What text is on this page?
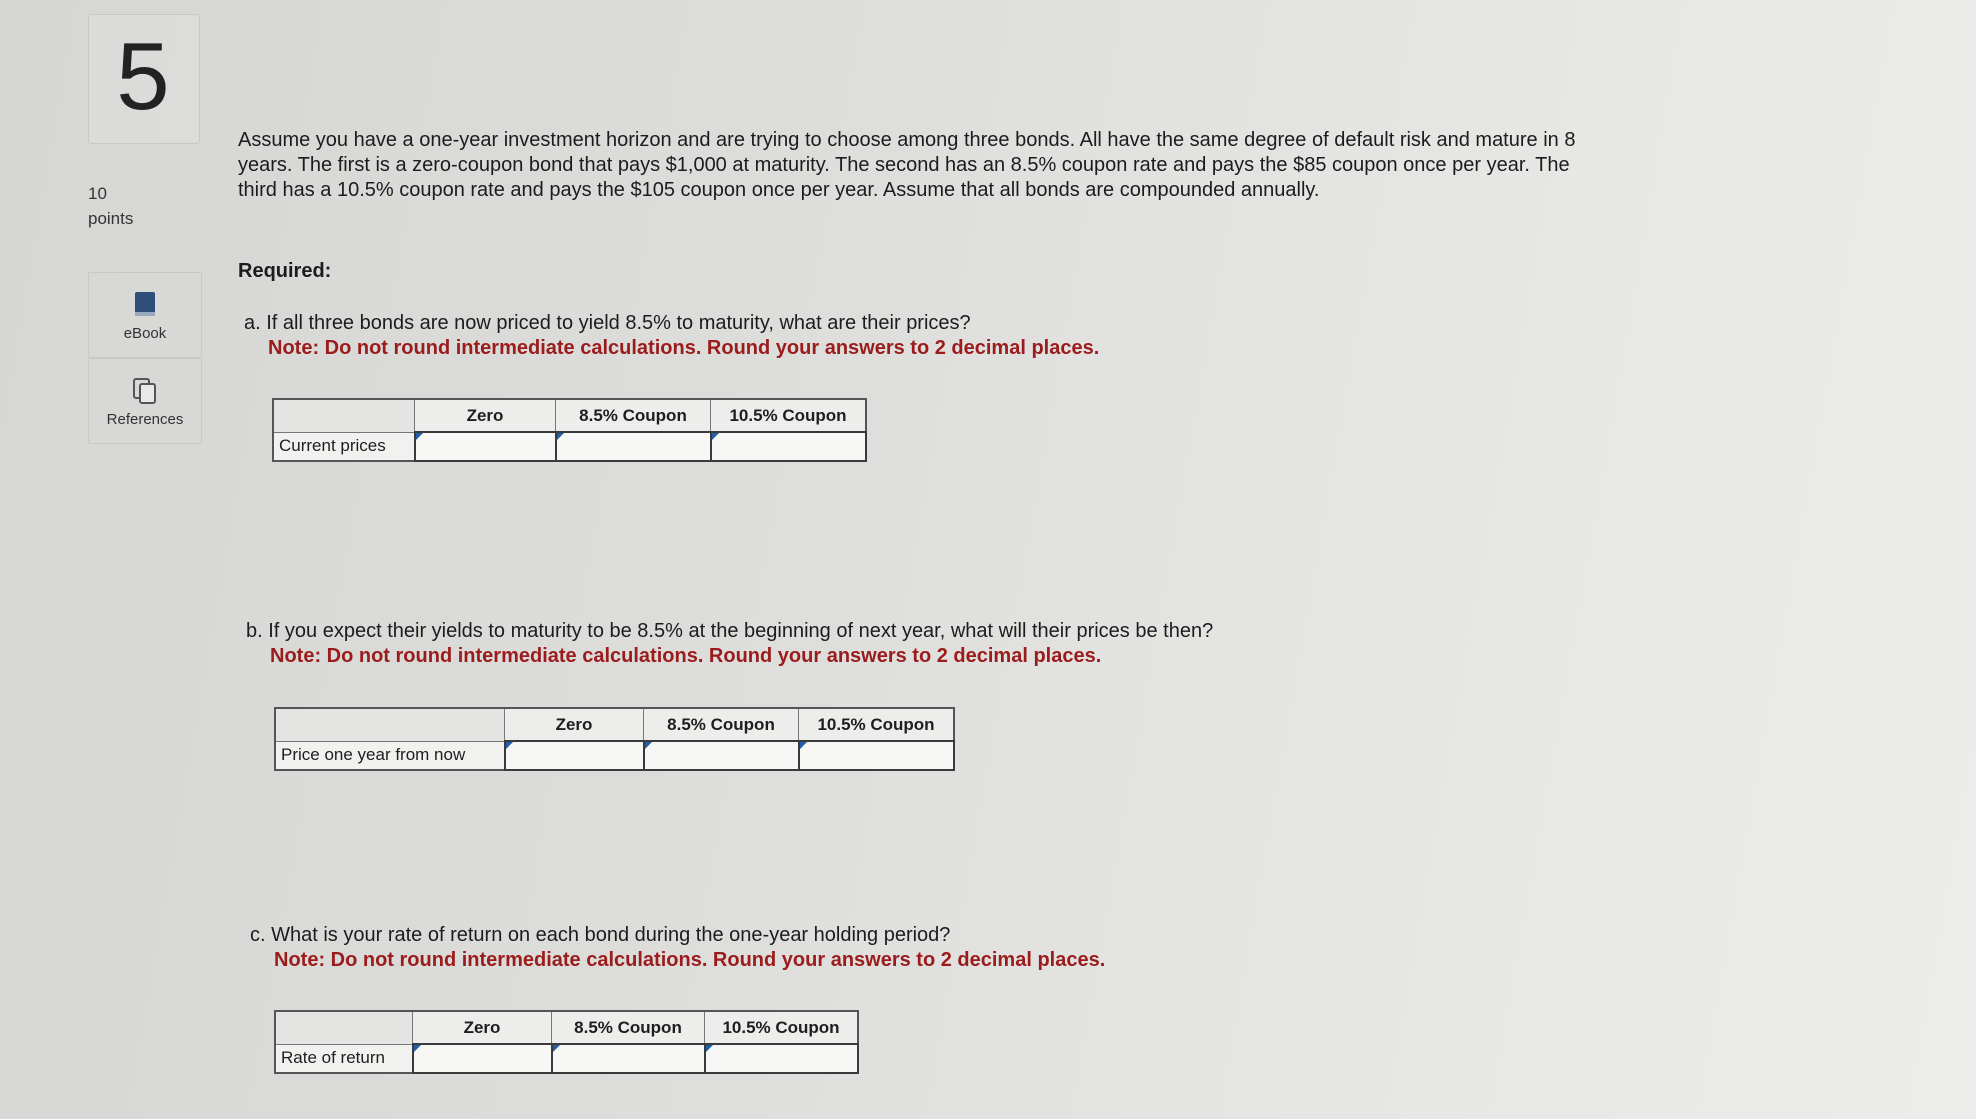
5
10
points
eBook
References
Assume you have a one-year investment horizon and are trying to choose among three bonds. All have the same degree of default risk and mature in 8 years. The first is a zero-coupon bond that pays $1,000 at maturity. The second has an 8.5% coupon rate and pays the $85 coupon once per year. The third has a 10.5% coupon rate and pays the $105 coupon once per year. Assume that all bonds are compounded annually.
Required:
a. If all three bonds are now priced to yield 8.5% to maturity, what are their prices?
Note: Do not round intermediate calculations. Round your answers to 2 decimal places.
	Zero	8.5% Coupon	10.5% Coupon
Current prices			
b. If you expect their yields to maturity to be 8.5% at the beginning of next year, what will their prices be then?
Note: Do not round intermediate calculations. Round your answers to 2 decimal places.
	Zero	8.5% Coupon	10.5% Coupon
Price one year from now			
c. What is your rate of return on each bond during the one-year holding period?
Note: Do not round intermediate calculations. Round your answers to 2 decimal places.
	Zero	8.5% Coupon	10.5% Coupon
Rate of return			
